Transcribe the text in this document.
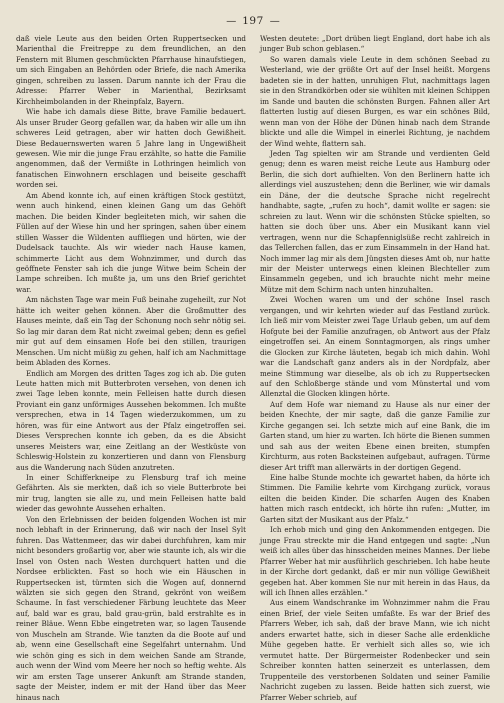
— 197 —

daß viele Leute aus den beiden Orten Ruppertsecken und Marienthal die Freitreppe zu dem freundlichen, an den Fenstern mit Blumen geschmückten Pfarrhause hinaufstiegen, um sich Eingaben an Behörden oder Briefe, die nach Amerika gingen, schreiben zu lassen. Darum nannte ich der Frau die Adresse: Pfarrer Weber in Marienthal, Bezirksamt Kirchheimbolanden in der Rheinpfalz, Bayern.

Wie habe ich damals diese Bitte, brave Familie bedauert. Als unser Bruder Georg gefallen war, da haben wir alle um ihn schweres Leid getragen, aber wir hatten doch Gewißheit. Diese Bedauernswerten waren 5 Jahre lang in Ungewißheit gewesen. Wie mir die junge Frau erzählte, so hatte die Familie angenommen, daß der Vermißte in Lothringen heimlich von fanatischen Einwohnern erschlagen und beiseite geschafft worden sei.

Am Abend konnte ich, auf einen kräftigen Stock gestützt, wenn auch hinkend, einen kleinen Gang um das Gehöft machen. Die beiden Kinder begleiteten mich, wir sahen die Füllen auf der Wiese hin und her springen, sahen über einem stillen Wasser die Wildenten auffliegen und hörten, wie der Dudelsack tauchte. Als wir wieder nach Hause kamen, schimmerte Licht aus dem Wohnzimmer, und durch das geöffnete Fenster sah ich die junge Witwe beim Schein der Lampe schreiben. Ich mußte ja, um uns den Brief gerichtet war.

Am nächsten Tage war mein Fuß beinahe zugeheilt, zur Not hätte ich weiter gehen können. Aber die Großmutter des Hauses meinte, daß ein Tag der Schonung noch sehr nötig sei. So lag mir daran dem Rat nicht zweimal geben; denn es gefiel mir gut auf dem einsamen Hofe bei den stillen, traurigen Menschen. Um nicht müßig zu gehen, half ich am Nachmittage beim Abladen des Kornes.

Endlich am Morgen des dritten Tages zog ich ab. Die guten Leute hatten mich mit Butterbroten versehen, von denen ich zwei Tage leben konnte, mein Felleisen hatte durch diesen Proviant ein ganz unförmiges Aussehen bekommen. Ich mußte versprechen, etwa in 14 Tagen wiederzukommen, um zu hören, was für eine Antwort aus der Pfalz eingetroffen sei. Dieses Versprechen konnte ich geben, da es die Absicht unseres Meisters war, eine Zeitlang an der Westküste von Schleswig-Holstein zu konzertieren und dann von Flensburg aus die Wanderung nach Süden anzutreten.

In einer Schifferkneipe zu Flensburg traf ich meine Gefährten. Als sie merkten, daß ich so viele Butterbrote bei mir trug, langten sie alle zu, und mein Felleisen hatte bald wieder das gewohnte Aussehen erhalten.

Von den Erlebnissen der beiden folgenden Wochen ist mir noch lebhaft in der Erinnerung, daß wir nach der Insel Sylt fuhren. Das Wattenmeer, das wir dabei durchfuhren, kam mir nicht besonders großartig vor, aber wie staunte ich, als wir die Insel von Osten nach Westen durchquert hatten und die Nordsee erblickten. Fast so hoch wie ein Häuschen in Ruppertsecken ist, türmten sich die Wogen auf, donnernd wälzten sie sich gegen den Strand, gekrönt von weißem Schaume. In fast verschiedener Färbung leuchtete das Meer auf, bald war es grau, bald grau-grün, bald erstrahlte es in reiner Bläue. Wenn Ebbe eingetreten war, so lagen Tausende von Muscheln am Strande. Wie tanzten da die Boote auf und ab, wenn eine Gesellschaft eine Segelfahrt unternahm. Und wie schön ging es sich in dem weichen Sande am Strande, auch wenn der Wind vom Meere her noch so heftig wehte. Als wir am ersten Tage unserer Ankunft am Strande standen, sagte der Meister, indem er mit der Hand über das Meer hinaus nach

Westen deutete: „Dort drüben liegt England, dort habe ich als junger Bub schon geblasen.“

So waren damals viele Leute in dem schönen Seebad zu Westerland, wie der größte Ort auf der Insel heißt. Morgens badeten sie in der hatten, unruhigen Flut, nachmittags lagen sie in den Strandkörben oder sie wühlten mit kleinen Schippen im Sande und bauten die schönsten Burgen. Fahnen aller Art flatterten lustig auf diesen Burgen, es war ein schönes Bild, wenn man von der Höhe der Dünen hinab nach dem Strande blickte und alle die Wimpel in einerlei Richtung, je nachdem der Wind wehte, flattern sah.

Jeden Tag spielten wir am Strande und verdienten Geld genug; denn es waren meist reiche Leute aus Hamburg oder Berlin, die sich dort aufhielten. Von den Berlinern hatte ich allerdings viel auszustehen; denn die Berliner, wie wir damals ein Däne, der die deutsche Sprache nicht regelrecht handhabte, sagte, „rufen zu hoch“, damit wollte er sagen: sie schreien zu laut. Wenn wir die schönsten Stücke spielten, so hatten sie doch über uns. Aber ein Musikant kann viel vertragen, wenn nur die Schapfenniglsüße recht zahlreich in das Tellerchen fallen, das er zum Einsammeln in der Hand hat. Noch immer lag mir als dem Jüngsten dieses Amt ob, nur hatte mir der Meister unterwegs einen kleinen Blechteller zum Einsammeln gegeben, und ich brauchte nicht mehr meine Mütze mit dem Schirm nach unten hinzuhalten.

Zwei Wochen waren um und der schöne Insel rasch vergangen, und wir kehrten wieder auf das Festland zurück. Ich ließ mir vom Meister zwei Tage Urlaub geben, um auf dem Hofgute bei der Familie anzufragen, ob Antwort aus der Pfalz eingetroffen sei. An einem Sonntagmorgen, als rings umher die Glocken zur Kirche läuteten, begab ich mich dahin. Wohl war die Landschaft ganz anders als in der Nordpfalz, aber meine Stimmung war dieselbe, als ob ich zu Ruppertsecken auf den Schloßberge stände und vom Münstertal und vom Allenztal die Glocken klingen hörte.

Auf dem Hofe war niemand zu Hause als nur einer der beiden Knechte, der mir sagte, daß die ganze Familie zur Kirche gegangen sei. Ich setzte mich auf eine Bank, die im Garten stand, um hier zu warten. Ich hörte die Bienen summen und sah aus der weiten Ebene einen breiten, stumpfen Kirchturm, aus roten Backsteinen aufgebaut, aufragen. Türme dieser Art trifft man allerwärts in der dortigen Gegend.

Eine halbe Stunde mochte ich gewartet haben, da hörte ich Stimmen. Die Familie kehrte vom Kirchgang zurück, voraus eilten die beiden Kinder. Die scharfen Augen des Knaben hatten mich rasch entdeckt, ich hörte ihn rufen: „Mutter, im Garten sitzt der Musikant aus der Pfalz.“

Ich erhob mich und ging den Ankommenden entgegen. Die junge Frau streckte mir die Hand entgegen und sagte: „Nun weiß ich alles über das hinsscheiden meines Mannes. Der liebe Pfarrer Weber hat mir ausführlich geschrieben. Ich habe heute in der Kirche dort gedankt, daß er mir nun völlige Gewißheit gegeben hat. Aber kommen Sie nur mit herein in das Haus, da will ich Ihnen alles erzählen.“

Aus einem Wandschranke im Wohnzimmer nahm die Frau einen Brief, der viele Seiten umfaßte. Es war der Brief des Pfarrers Weber, ich sah, daß der brave Mann, wie ich nicht anders erwartet hatte, sich in dieser Sache alle erdenkliche Mühe gegeben hatte. Er verhielt sich alles so, wie ich vermutet hatte. Der Bürgermeister Rodenbecker und sein Schreiber konnten hatten seinerzeit es unterlassen, dem Truppenteile des verstorbenen Soldaten und seiner Familie Nachricht zugeben zu lassen. Beide hatten sich zuerst, wie Pfarrer Weber schrieb, auf
